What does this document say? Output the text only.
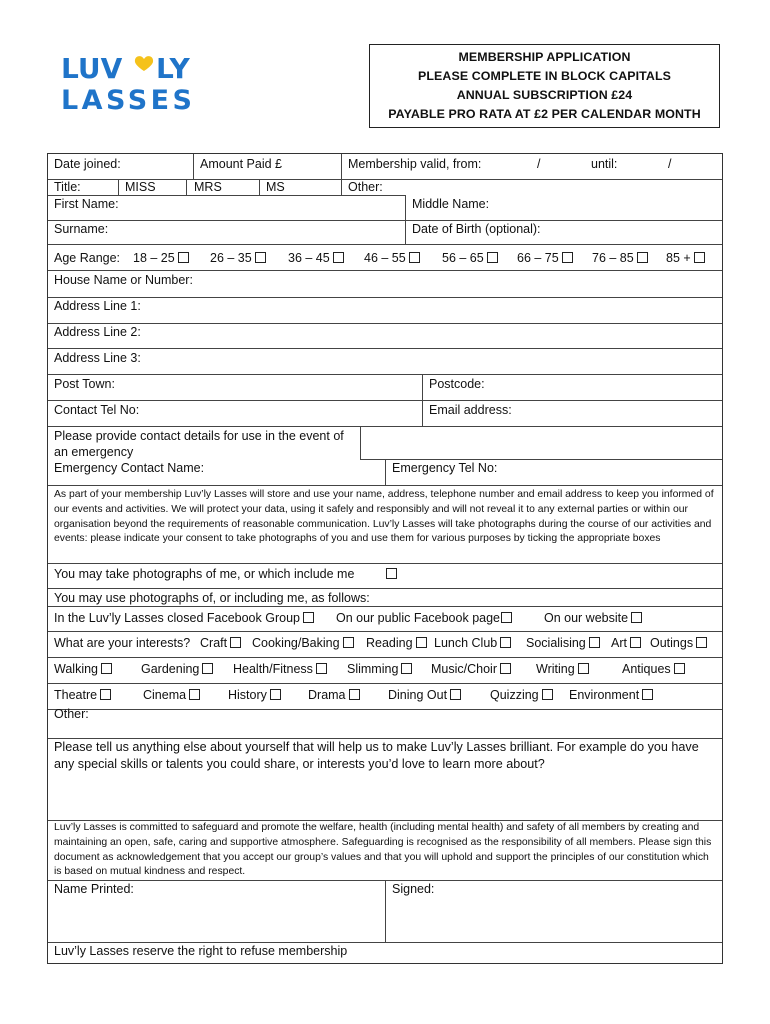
LUV LY
LASSES
MEMBERSHIP APPLICATION
PLEASE COMPLETE IN BLOCK CAPITALS
ANNUAL SUBSCRIPTION £24
PAYABLE PRO RATA AT £2 PER CALENDAR MONTH
Date joined:	Amount Paid £	Membership valid, from:	/	until:	/
Title:	MISS	MRS	MS	Other:
First Name:	Middle Name:
Surname:	Date of Birth (optional):
Age Range: 18 – 25	26 – 35	36 – 45	46 – 55	56 – 65	66 – 75	76 – 85	85 +
House Name or Number:
Address Line 1:
Address Line 2:
Address Line 3:
Post Town:	Postcode:
Contact Tel No:	Email address:
Please provide contact details for use in the event of an emergency
Emergency Contact Name:	Emergency Tel No:
As part of your membership Luv’ly Lasses will store and use your name, address, telephone number and email address to keep you informed of our events and activities. We will protect your data, using it safely and responsibly and will not reveal it to any external parties or within our organisation beyond the requirements of reasonable communication. Luv’ly Lasses will take photographs during the course of our activities and events: please indicate your consent to take photographs of you and use them for various purposes by ticking the appropriate boxes
You may take photographs of me, or which include me
You may use photographs of, or including me, as follows:
In the Luv’ly Lasses closed Facebook Group	On our public Facebook page	On our website
What are your interests? Craft	Cooking/Baking	Reading	Lunch Club	Socialising	Art	Outings
Walking	Gardening	Health/Fitness	Slimming	Music/Choir	Writing	Antiques
Theatre	Cinema	History	Drama	Dining Out	Quizzing	Environment
Other:
Please tell us anything else about yourself that will help us to make Luv’ly Lasses brilliant. For example do you have any special skills or talents you could share, or interests you’d love to learn more about?
Luv’ly Lasses is committed to safeguard and promote the welfare, health (including mental health) and safety of all members by creating and maintaining an open, safe, caring and supportive atmosphere. Safeguarding is recognised as the responsibility of all members. Please sign this document as acknowledgement that you accept our group’s values and that you will uphold and support the principles of our constitution which is based on mutual kindness and respect.
Name Printed:	Signed:
Luv’ly Lasses reserve the right to refuse membership
